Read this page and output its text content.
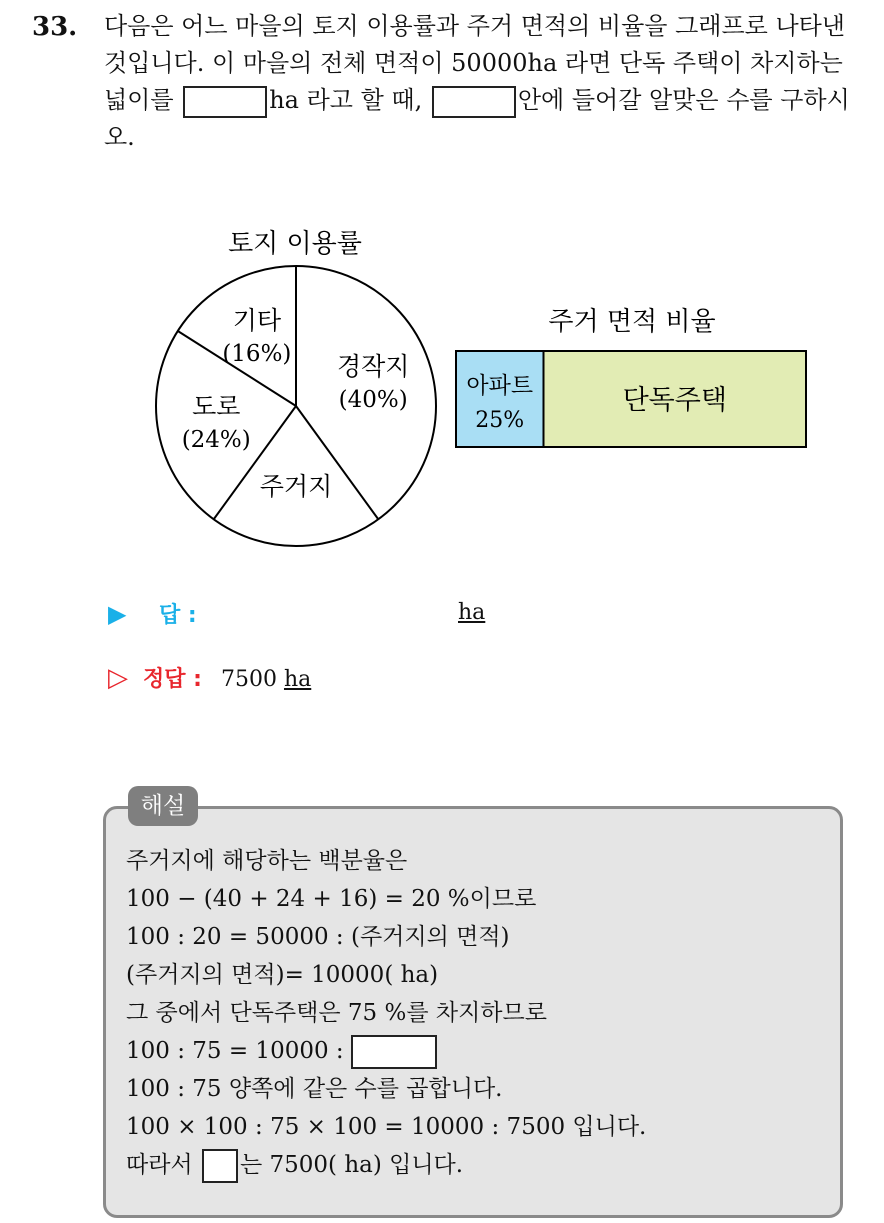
33. 다음은 어느 마을의 토지 이용률과 주거 면적의 비율을 그래프로 나타낸 것입니다. 이 마을의 전체 면적이 50000ha 라면 단독 주택이 차지하는 넓이를	ha 라고 할 때,	안에 들어갈 알맞은 수를 구하시오.
토지 이용률
경작지
(40%)
주거지
도로
(24%)
기타
(16%)
주거 면적 비율
아파트
25%
단독주택
▶ 답 :	ha
▷ 정답 : 7500 ha
해설
주거지에 해당하는 백분율은
100 − (40 + 24 + 16) = 20 %이므로
100 : 20 = 50000 : (주거지의 면적)
(주거지의 면적)= 10000( ha)
그 중에서 단독주택은 75 %를 차지하므로
100 : 75 = 10000 :
100 : 75 양쪽에 같은 수를 곱합니다.
100 × 100 : 75 × 100 = 10000 : 7500 입니다.
따라서 는 7500( ha) 입니다.
